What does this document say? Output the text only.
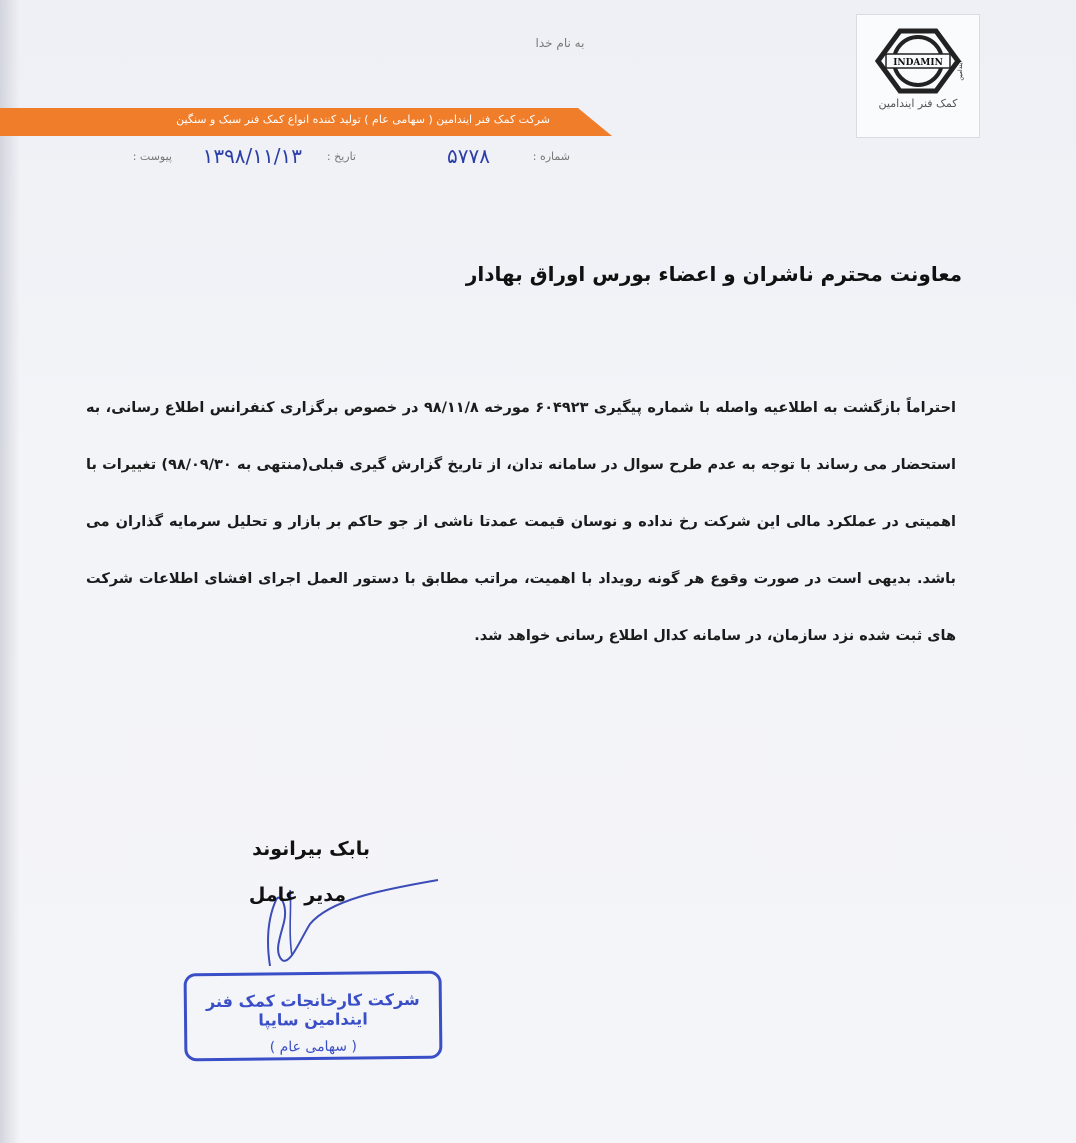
INDAMIN ایندامین
کمک فنر ایندامین
به نام خدا
شرکت کمک فنر ایندامین ( سهامی عام ) تولید کننده انواع کمک فنر سبک و سنگین
شماره :
۵۷۷۸
تاریخ :
۱۳۹۸/۱۱/۱۳
پیوست :
معاونت محترم ناشران و اعضاء بورس اوراق بهادار
احتراماً بازگشت به اطلاعیه واصله با شماره پیگیری ۶۰۴۹۲۳ مورخه ۹۸/۱۱/۸ در خصوص برگزاری کنفرانس اطلاع رسانی، به استحضار می رساند با توجه به عدم طرح سوال در سامانه تدان، از تاریخ گزارش گیری قبلی(منتهی به ۹۸/۰۹/۳۰) تغییرات با اهمیتی در عملکرد مالی این شرکت رخ نداده و نوسان قیمت عمدتا ناشی از جو حاکم بر بازار و تحلیل سرمایه گذاران می باشد. بدیهی است در صورت وقوع هر گونه رویداد با اهمیت، مراتب مطابق با دستور العمل اجرای افشای اطلاعات شرکت های ثبت شده نزد سازمان، در سامانه کدال اطلاع رسانی خواهد شد.
بابک بیرانوند
مدیر عامل
شرکت کارخانجات کمک فنر ایندامین سایپا
( سهامی عام )
